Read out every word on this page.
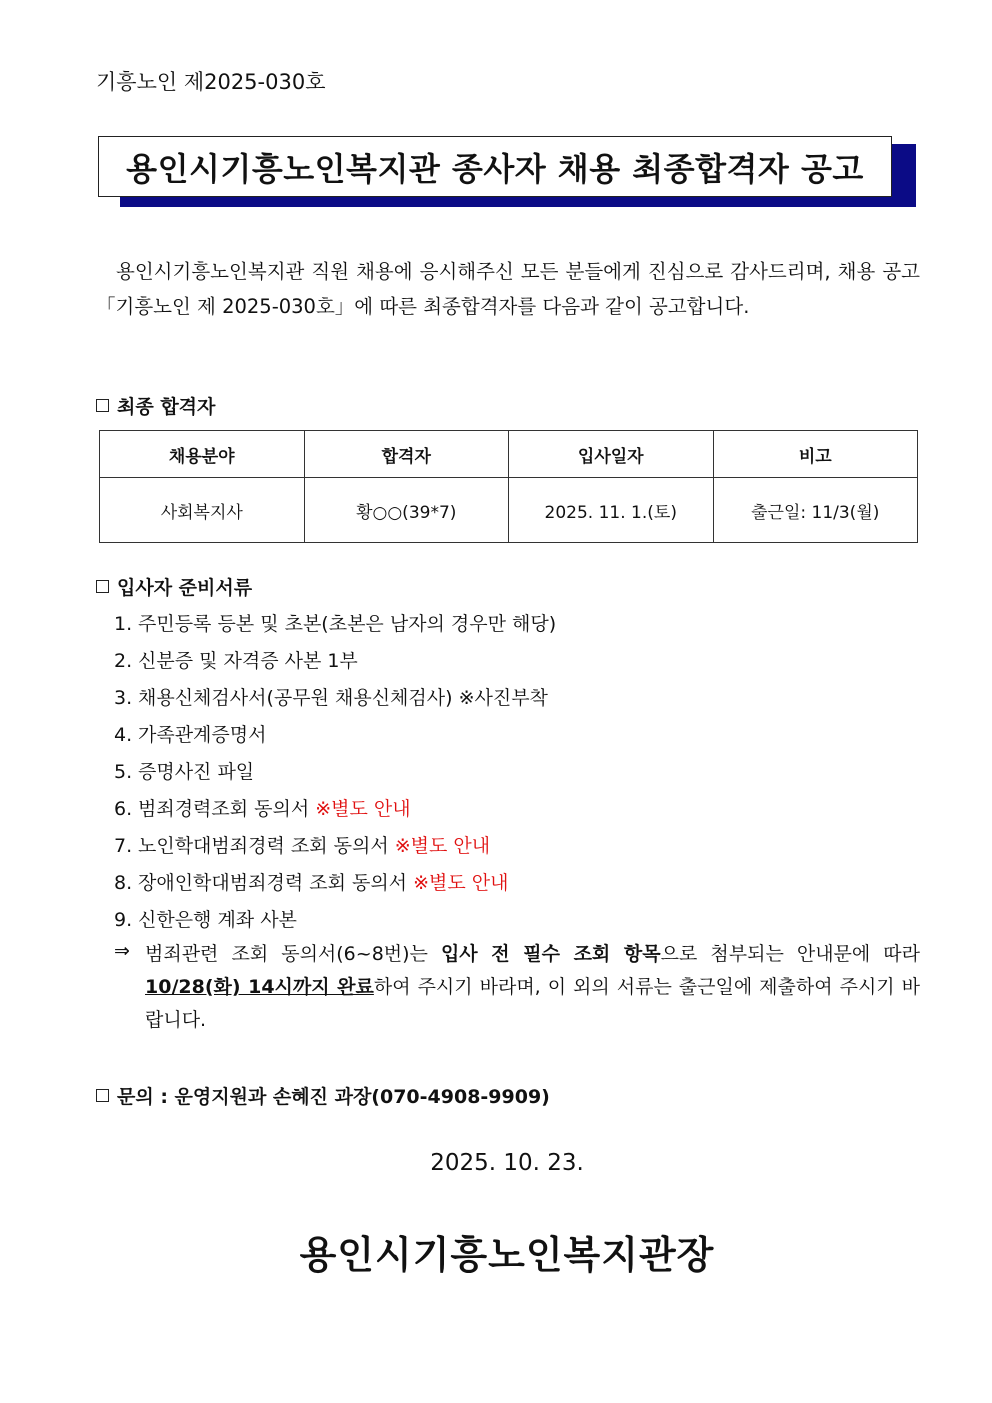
기흥노인 제2025-030호
용인시기흥노인복지관 종사자 채용 최종합격자 공고
용인시기흥노인복지관 직원 채용에 응시해주신 모든 분들에게 진심으로 감사드리며, 채용 공고「기흥노인 제 2025-030호」에 따른 최종합격자를 다음과 같이 공고합니다.
최종 합격자
채용분야	합격자	입사일자	비고
사회복지사	황○○(39*7)	2025. 11. 1.(토)	출근일: 11/3(월)
입사자 준비서류
1. 주민등록 등본 및 초본(초본은 남자의 경우만 해당)
2. 신분증 및 자격증 사본 1부
3. 채용신체검사서(공무원 채용신체검사) ※사진부착
4. 가족관계증명서
5. 증명사진 파일
6. 범죄경력조회 동의서 ※별도 안내
7. 노인학대범죄경력 조회 동의서 ※별도 안내
8. 장애인학대범죄경력 조회 동의서 ※별도 안내
9. 신한은행 계좌 사본
⇒ 범죄관련 조회 동의서(6~8번)는 입사 전 필수 조회 항목으로 첨부되는 안내문에 따라 10/28(화) 14시까지 완료하여 주시기 바라며, 이 외의 서류는 출근일에 제출하여 주시기 바랍니다.
문의 : 운영지원과 손혜진 과장(070-4908-9909)
2025. 10. 23.
용인시기흥노인복지관장
